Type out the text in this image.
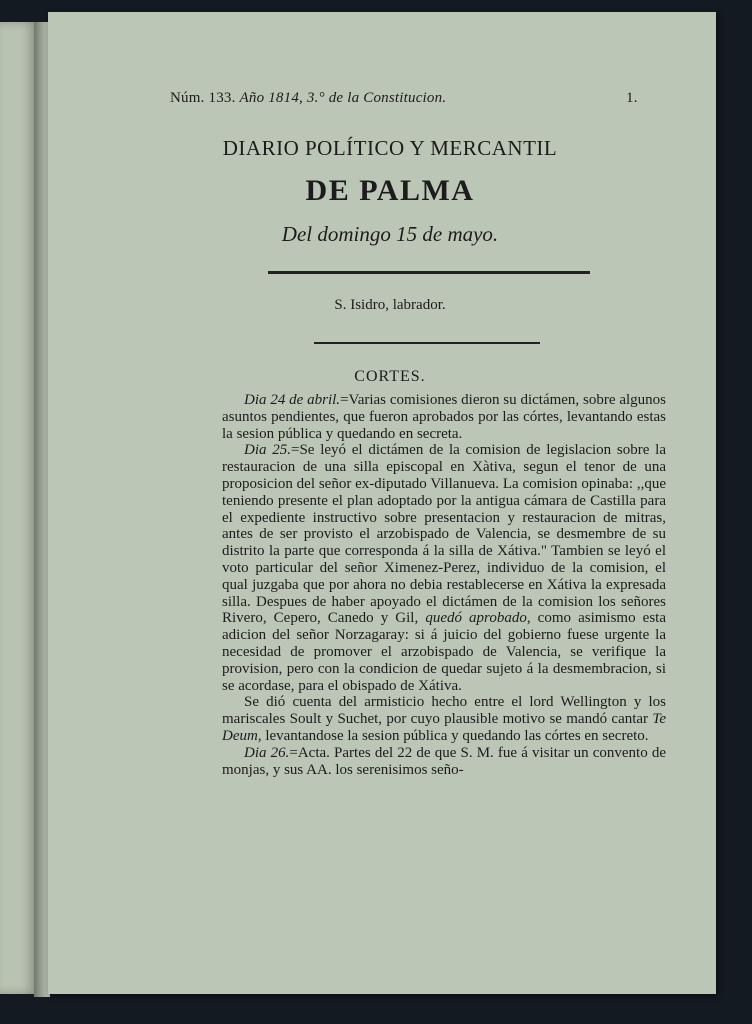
Núm. 133. Año 1814, 3.° de la Constitucion.	1.
DIARIO POLÍTICO Y MERCANTIL
DE PALMA
Del domingo 15 de mayo.
S. Isidro, labrador.
CORTES.

Dia 24 de abril.=Varias comisiones dieron su dictámen, sobre algunos asuntos pendientes, que fueron aprobados por las córtes, levantando estas la sesion pública y quedando en secreta.

Dia 25.=Se leyó el dictámen de la comision de legislacion sobre la restauracion de una silla episcopal en Xàtiva, segun el tenor de una proposicion del señor ex-diputado Villanueva. La comision opinaba: ,,que teniendo presente el plan adoptado por la antigua cámara de Castilla para el expediente instructivo sobre presentacion y restauracion de mitras, antes de ser provisto el arzobispado de Valencia, se desmembre de su distrito la parte que corresponda á la silla de Xátiva." Tambien se leyó el voto particular del señor Ximenez-Perez, individuo de la comision, el qual juzgaba que por ahora no debia restablecerse en Xátiva la expresada silla. Despues de haber apoyado el dictámen de la comision los señores Rivero, Cepero, Canedo y Gil, quedó aprobado, como asimismo esta adicion del señor Norzagaray: si á juicio del gobierno fuese urgente la necesidad de promover el arzobispado de Valencia, se verifique la provision, pero con la condicion de quedar sujeto á la desmembracion, si se acordase, para el obispado de Xátiva.

Se dió cuenta del armisticio hecho entre el lord Wellington y los mariscales Soult y Suchet, por cuyo plausible motivo se mandó cantar Te Deum, levantandose la sesion pública y quedando las córtes en secreto.

Dia 26.=Acta. Partes del 22 de que S. M. fue á visitar un convento de monjas, y sus AA. los serenisimos seño-
